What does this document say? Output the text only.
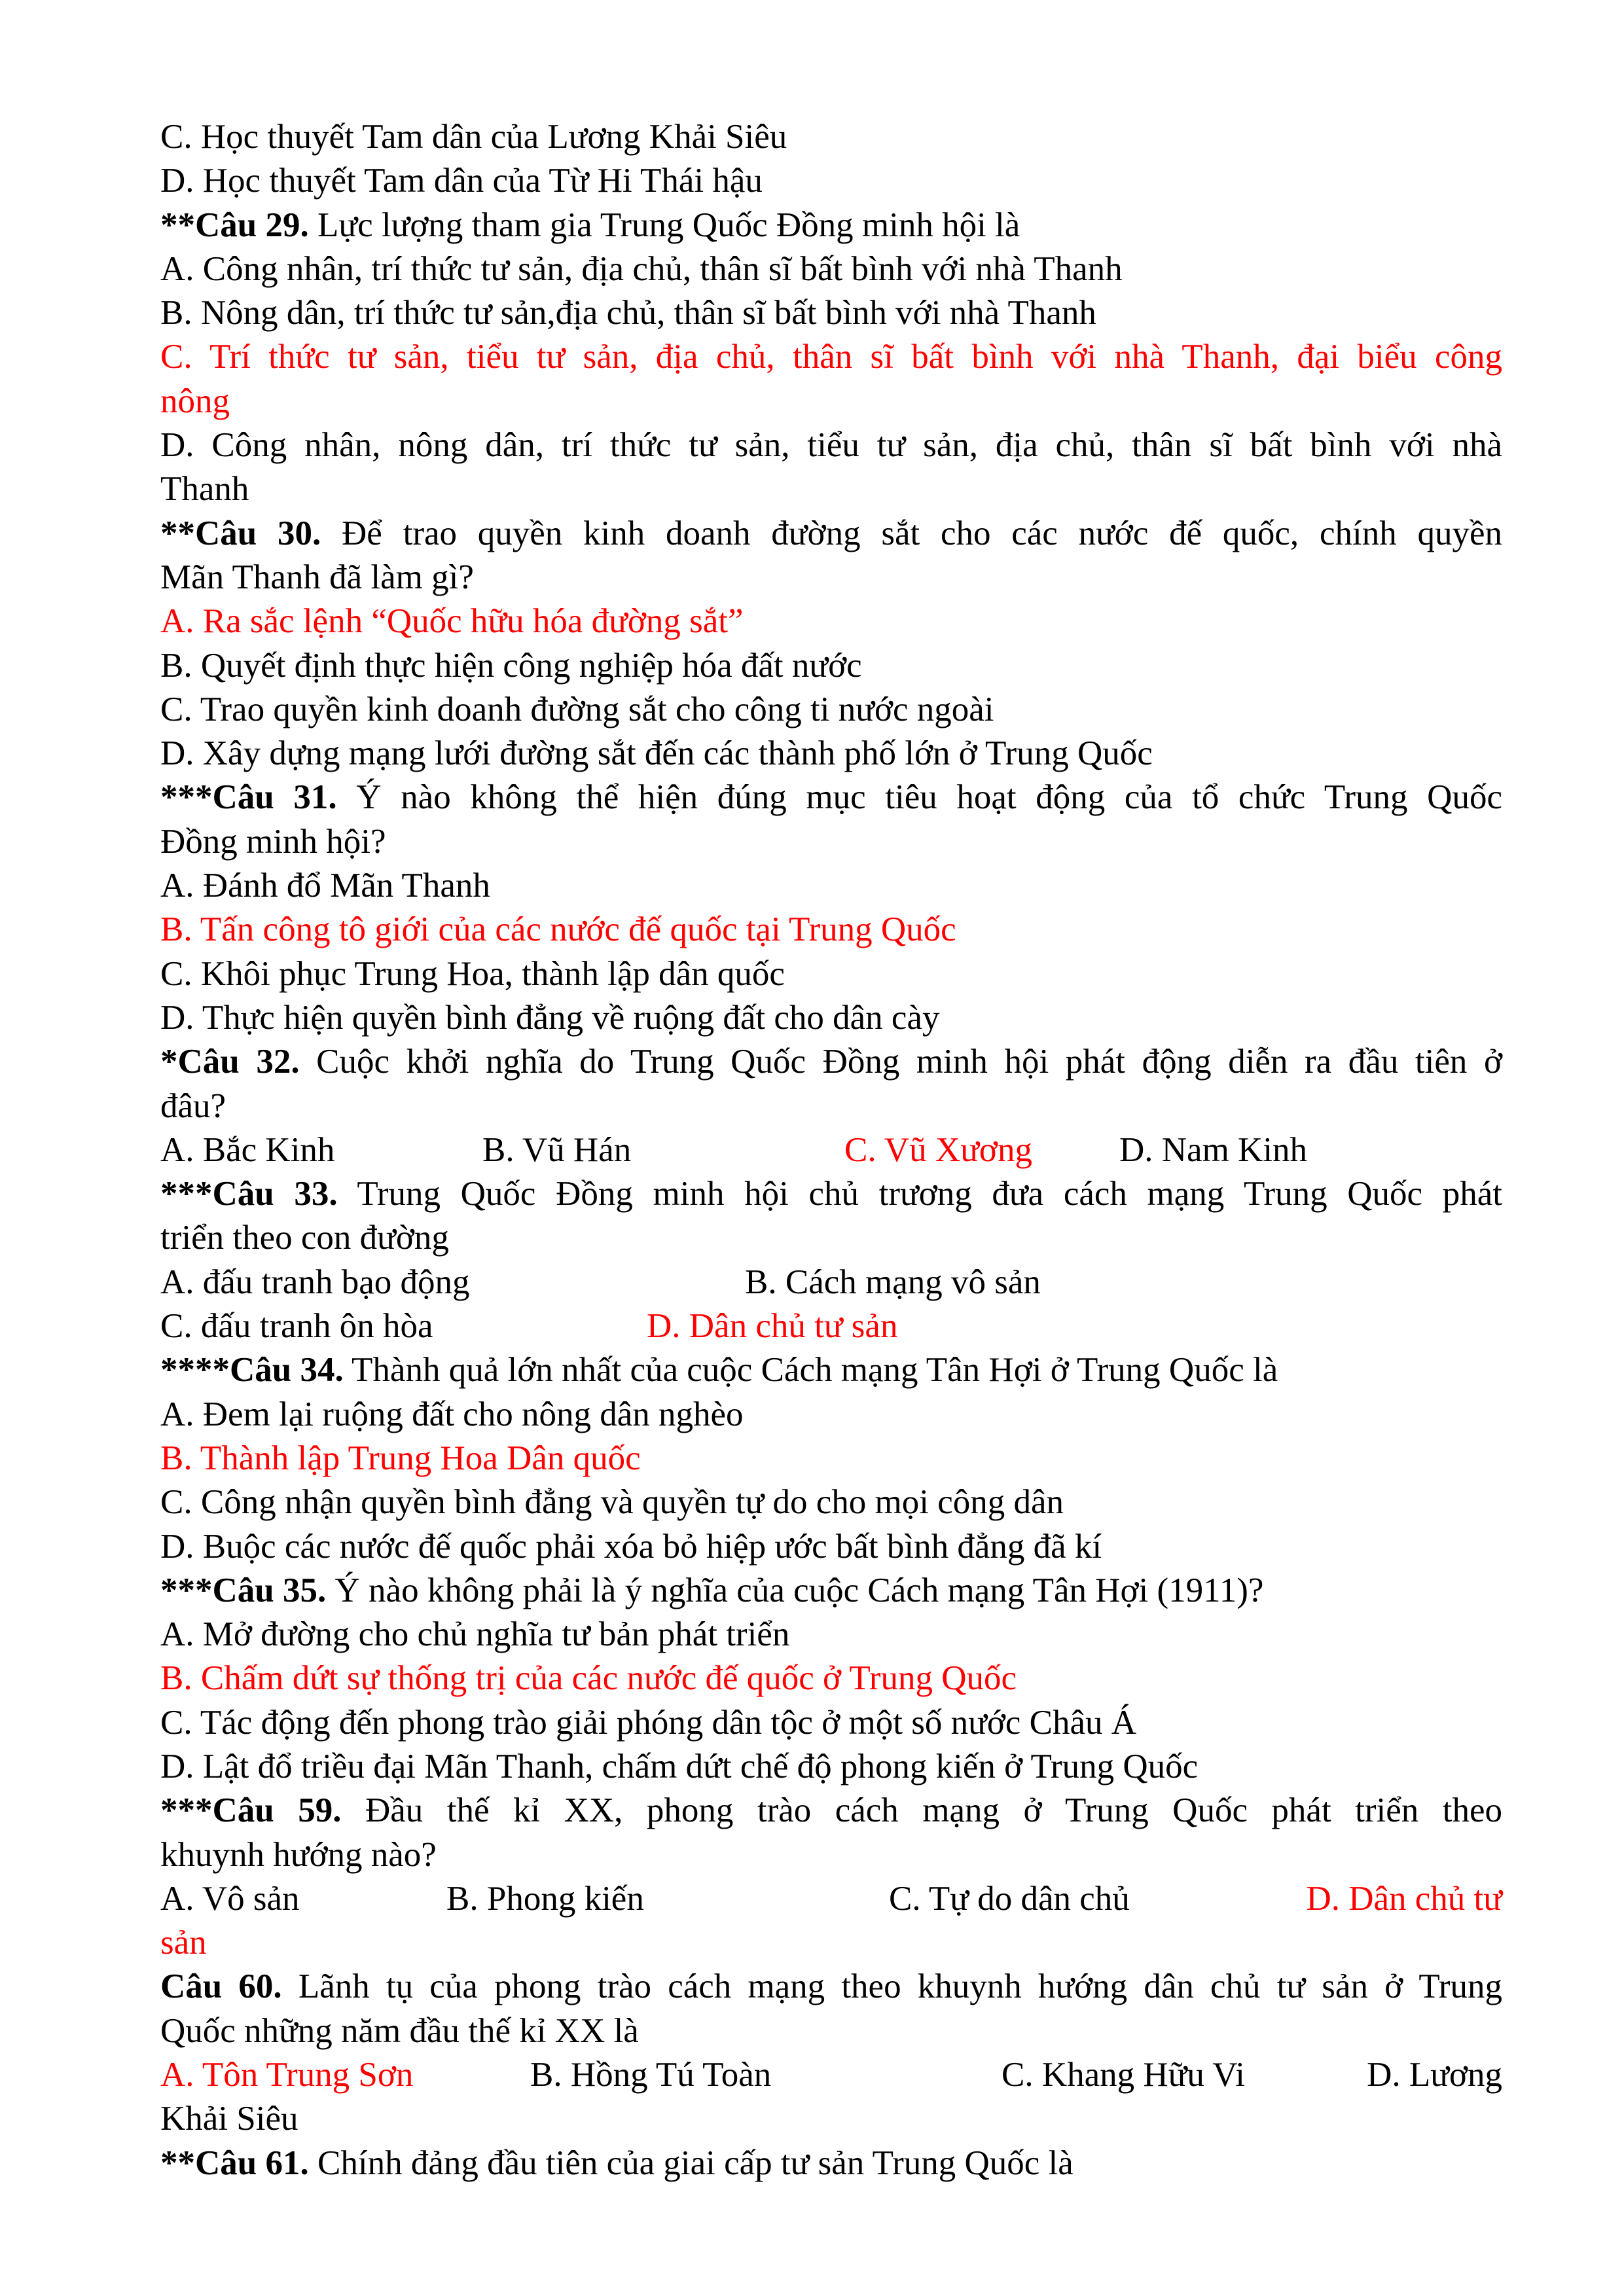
C. Học thuyết Tam dân của Lương Khải Siêu
D. Học thuyết Tam dân của Từ Hi Thái hậu
**Câu 29. Lực lượng tham gia Trung Quốc Đồng minh hội là
A. Công nhân, trí thức tư sản, địa chủ, thân sĩ bất bình với nhà Thanh
B. Nông dân, trí thức tư sản,địa chủ, thân sĩ bất bình với nhà Thanh
C. Trí thức tư sản, tiểu tư sản, địa chủ, thân sĩ bất bình với nhà Thanh, đại biểu công
nông
D. Công nhân, nông dân, trí thức tư sản, tiểu tư sản, địa chủ, thân sĩ bất bình với nhà
Thanh
**Câu 30. Để trao quyền kinh doanh đường sắt cho các nước đế quốc, chính quyền
Mãn Thanh đã làm gì?
A. Ra sắc lệnh “Quốc hữu hóa đường sắt”
B. Quyết định thực hiện công nghiệp hóa đất nước
C. Trao quyền kinh doanh đường sắt cho công ti nước ngoài
D. Xây dựng mạng lưới đường sắt đến các thành phố lớn ở Trung Quốc
***Câu 31. Ý nào không thể hiện đúng mục tiêu hoạt động của tổ chức Trung Quốc
Đồng minh hội?
A. Đánh đổ Mãn Thanh
B. Tấn công tô giới của các nước đế quốc tại Trung Quốc
C. Khôi phục Trung Hoa, thành lập dân quốc
D. Thực hiện quyền bình đẳng về ruộng đất cho dân cày
*Câu 32. Cuộc khởi nghĩa do Trung Quốc Đồng minh hội phát động diễn ra đầu tiên ở
đâu?
A. Bắc Kinh	B. Vũ Hán	C. Vũ Xương	D. Nam Kinh
***Câu 33. Trung Quốc Đồng minh hội chủ trương đưa cách mạng Trung Quốc phát
triển theo con đường
A. đấu tranh bạo động	B. Cách mạng vô sản
C. đấu tranh ôn hòa	D. Dân chủ tư sản
****Câu 34. Thành quả lớn nhất của cuộc Cách mạng Tân Hợi ở Trung Quốc là
A. Đem lại ruộng đất cho nông dân nghèo
B. Thành lập Trung Hoa Dân quốc
C. Công nhận quyền bình đẳng và quyền tự do cho mọi công dân
D. Buộc các nước đế quốc phải xóa bỏ hiệp ước bất bình đẳng đã kí
***Câu 35. Ý nào không phải là ý nghĩa của cuộc Cách mạng Tân Hợi (1911)?
A. Mở đường cho chủ nghĩa tư bản phát triển
B. Chấm dứt sự thống trị của các nước đế quốc ở Trung Quốc
C. Tác động đến phong trào giải phóng dân tộc ở một số nước Châu Á
D. Lật đổ triều đại Mãn Thanh, chấm dứt chế độ phong kiến ở Trung Quốc
***Câu 59. Đầu thế kỉ XX, phong trào cách mạng ở Trung Quốc phát triển theo
khuynh hướng nào?
A. Vô sản	B. Phong kiến	C. Tự do dân chủ	D. Dân chủ tư
sản
Câu 60. Lãnh tụ của phong trào cách mạng theo khuynh hướng dân chủ tư sản ở Trung
Quốc những năm đầu thế kỉ XX là
A. Tôn Trung Sơn	B. Hồng Tú Toàn	C. Khang Hữu Vi	D. Lương
Khải Siêu
**Câu 61. Chính đảng đầu tiên của giai cấp tư sản Trung Quốc là
